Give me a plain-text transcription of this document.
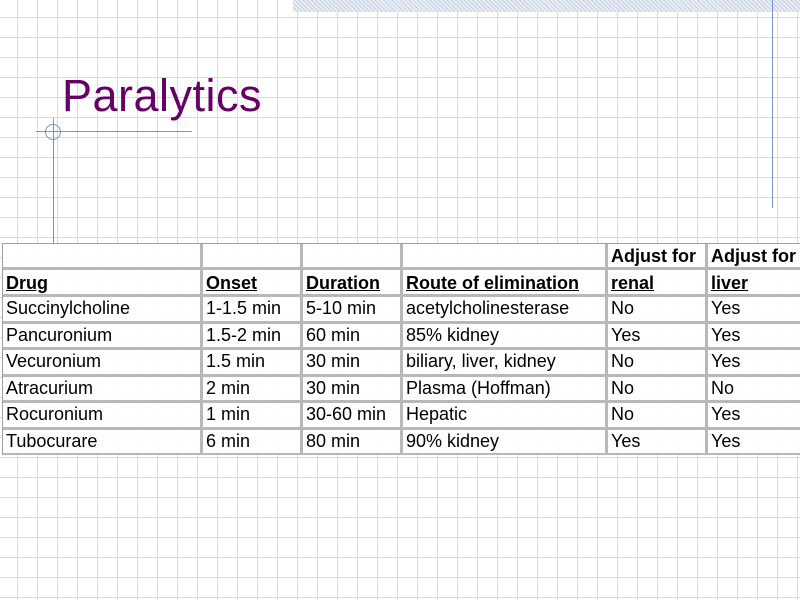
Paralytics
				Adjust for	Adjust for
Drug	Onset	Duration	Route of elimination	renal	liver
Succinylcholine	1-1.5 min	5-10 min	acetylcholinesterase	No	Yes
Pancuronium	1.5-2 min	60 min	85% kidney	Yes	Yes
Vecuronium	1.5 min	30 min	biliary, liver, kidney	No	Yes
Atracurium	2 min	30 min	Plasma (Hoffman)	No	No
Rocuronium	1 min	30-60 min	Hepatic	No	Yes
Tubocurare	6 min	80 min	90% kidney	Yes	Yes
